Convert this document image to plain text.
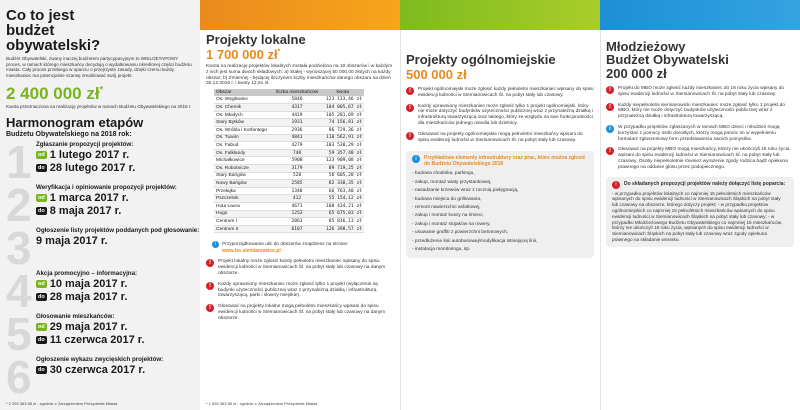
Co to jest budżet obywatelski?
Budżet Obywatelski, zwany inaczej budżetem partycypacyjnym to WIELOETAPOWY proces, w ramach którego mieszkańcy decydują o wydatkowaniu określonej części budżetu miasta. Cały proces przebiega w oparciu o przejrzyste zasady, dzięki czemu każdy mieszkaniec ma potencjalnie szansę zrealizować swój projekt.
2 400 000 zł*
Kwota przeznaczona na realizację projektów w ramach Budżetu Obywatelskiego na 2018 r.
Harmonogram etapów
Budżetu Obywatelskiego na 2018 rok:
1 Zgłaszanie propozycji projektów:
od 1 lutego 2017 r.
do 28 lutego 2017 r.
2 Weryfikacja i opiniowanie propozycji projektów:
od 1 marca 2017 r.
do 8 maja 2017 r.
3 Ogłoszenie listy projektów poddanych pod głosowanie:
9 maja 2017 r.
4 Akcja promocyjno – informacyjna:
od 10 maja 2017 r.
do 28 maja 2017 r.
5 Głosowanie mieszkańców:
od 29 maja 2017 r.
do 11 czerwca 2017 r.
6 Ogłoszenie wykazu zwycięskich projektów:
do 30 czerwca 2017 r.
* 2 399 363,98 zł - zgodnie z Zarządzeniem Prezydenta Miasta
Projekty lokalne
1 700 000 zł*
Kwota na realizację projektów lokalnych została podzielona na 18 obszarów i w każdym z nich jest suma dwóch składowych: a) Stałej - wynoszącej 50 000,00 złotych na każdy obszar; b) Zmiennej - będącej iloczynem liczby mieszkańców danego obszaru na dzień 30.12.2016 r. i kwoty 12,51 zł.
Obszar	liczba mieszkańców	kwota
Os. Węgłowiec	5846	123 133,46 zł
Os. Chemik	4317	104 005,67 zł
Os. Młodych	4419	105 281,69 zł
Stary Bytków	1931	74 156,81 zł
Os. Wróbla i Korfantego	2936	86 729,36 zł
Os. Tuwim	4841	110 562,91 zł
Os. Fabud	4279	103 530,29 zł
Os. Falklandy	748	59 357,48 zł
Michałkowice	5908	123 909,08 zł
Os. Robotnicze	3179	89 719,25 zł
Stary Bańgów	528	56 605,28 zł
Nowy Bańgów	2585	82 338,35 zł
Przełajka	1340	66 763,40 zł
Pszczelnik	412	55 154,12 zł
Huta Laura	4671	108 434,21 zł
Hugo	1253	65 675,03 zł
Centrum I	2863	85 816,13 zł
Centrum II	6107	126 398,57 zł
i Przyporządkowanie ulic do obszarów znajdziesz na stronie:
www.bo.siemianowice.pl
!	Projekt lokalny może zgłosić każdy pełnoletni mieszkaniec wpisany do spisu ewidencji ludności w Siemianowicach Śl. na pobyt stały lub czasowy na danym obszarze.
!	Każdy uprawniony mieszkaniec może zgłosić tylko 1 projekt (wyłączenie są budynki użyteczności publicznej wraz z przynależną działką i infrastrukturą towarzyszącą, parki i skwery miejskie).
!	Głosować na projekty lokalne mogą pełnoletni mieszkańcy wpisani do spisu ewidencji ludności w Siemianowicach Śl. na pobyt stały lub czasowy na danym obszarze.
* 1 699 363,98 zł - zgodnie z Zarządzeniem Prezydenta Miasta
Projekty ogólnomiejskie
500 000 zł
!	Projekt ogólnomiejski może zgłosić każdy pełnoletni mieszkaniec wpisany do spisu ewidencji ludności w Siemianowicach Śl. na pobyt stały lub czasowy.
!	Każdy uprawniony mieszkaniec może zgłosić tylko 1 projekt ogólnomiejski, który nie może dotyczyć budynków użyteczności publicznej wraz z przynależną działką i infrastrukturą towarzyszącą oraz takiego, który ze względu na swe funkcjonalności dla mieszkańców jednego osiedla lub dzielnicy.
!	Głosować na projekty ogólnomiejskie mogą pełnoletni mieszkańcy wpisani do spisu ewidencji ludności w Siemianowicach Śl. na pobyt stały lub czasowy.
i	Przykładowe elementy infrastruktury oraz prac, które można zgłosić do Budżetu Obywatelskiego 2018
- budowa chodnika, parkingu,
- zakup, montaż wiaty przystankowej,
- nasadzanie krzewów wraz z rocznią pielęgnacją,
- budowa miejsca do grillowania,
- remont nawierzchni asfaltowej,
- zakup i montaż koszy na śmieci,
- zakup i montaż stojaków na rowery,
- usuwanie graffiti z powierzchni betonowych,
- przedłużenie linii autobusowej/modyfikacja istniejącej linii,
- instalacja monitoringu, itp.
Młodzieżowy
Budżet Obywatelski
200 000 zł
!	Projekt do MBO może zgłosić każdy mieszkaniec do 18 roku życia wpisany do spisu ewidencji ludności w Siemianowicach Śl. na pobyt stały lub czasowy.
!	Każdy niepełnoletni siemianowicki mieszkaniec może zgłosić tylko 1 projekt do MBO, który nie może dotyczyć budynków użyteczności publicznej wraz z przynależną działką i infrastrukturą towarzyszącą.
i	W przypadku projektów zgłaszanych w ramach MBO dzieci i młodzież mogą korzystać z pomocy osób dorosłych, którzy mogą pomóc im w wypełnieniu formularz zgłoszeniowy form przedstawienia swoich pomysłów.
!	Głosować na projekty MBO mogą mieszkańcy, którzy nie ukończyli 18 roku życia, wpisani do spisu ewidencji ludności w Siemianowicach Śl. na pobyt stały lub czasowy. Osoby niepełnoletnie również wyrażenie zgody rodzica bądź opiekuna prawnego na oddanie głosu przez podopiecznego.
!	Do składanych propozycji projektów należy dołączyć listę poparcia:
- w przypadku projektów lokalnych co najmniej 15 pełnoletnich mieszkańców wpisanych do spisu ewidencji ludności w Siemianowicach Śląskich na pobyt stały lub czasowy na obszarze, którego dotyczy projekt; - w przypadku projektów ogólnomiejskich co najmniej 15 pełnoletnich mieszkańców wpisanych do spisu ewidencji ludności w Siemianowicach Śląskich na pobyt stały lub czasowy; - w przypadku Młodzieżowego Budżetu Obywatelskiego co najmniej 15 mieszkańców, którzy nie ukończyli 18 roku życia, wpisanych do spisu ewidencji ludności w Siemianowicach Śląskich na pobyt stały lub czasowy wraz zgody opiekuna prawnego na składanie wniosku.
